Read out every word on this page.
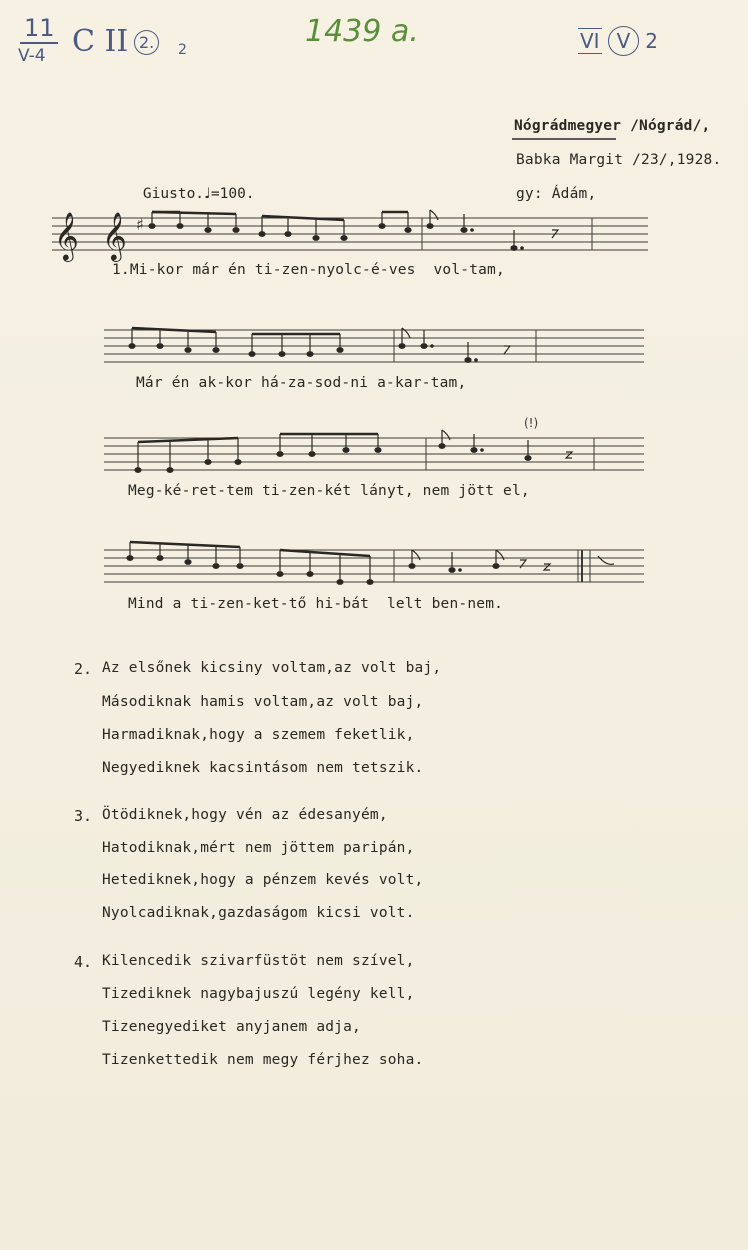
11
V-4 C II 2.	2
1439 a.	VI V 2
Nógrádmegyer /Nógrád/,
Babka Margit /23/,1928.
gy: Ádám,

Giusto.♩=100.

𝄞 𝄞 ♯
1.Mi-kor már én ti-zen-nyolc-é-ves  vol-tam,
Már én ak-kor há-za-sod-ni a-kar-tam,
(!)
Meg-ké-ret-tem ti-zen-két lányt, nem jött el,
Mind a ti-zen-ket-tő hi-bát  lelt ben-nem.
2. Az elsőnek kicsiny voltam,az volt baj,
Másodiknak hamis voltam,az volt baj,
Harmadiknak,hogy a szemem feketlik,
Negyediknek kacsintásom nem tetszik.
3. Ötödiknek,hogy vén az édesanyém,
Hatodiknak,mért nem jöttem paripán,
Hetediknek,hogy a pénzem kevés volt,
Nyolcadiknak,gazdaságom kicsi volt.
4. Kilencedik szivarfüstöt nem szível,
Tizediknek nagybajuszú legény kell,
Tizenegyediket anyjanem adja,
Tizenkettedik nem megy férjhez soha.
